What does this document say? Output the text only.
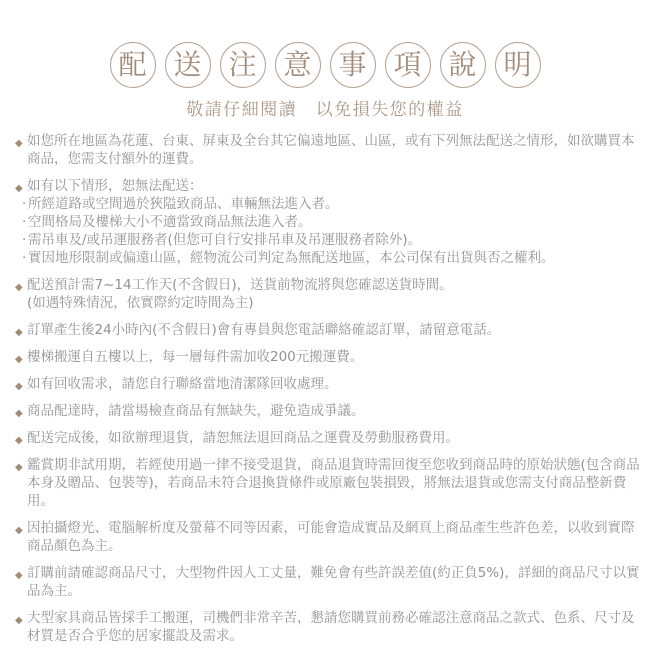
配 送 注 意 事 項 說 明
敬請仔細閱讀　以免損失您的權益
◆ 如您所在地區為花蓮、台東、屏東及全台其它偏遠地區、山區，或有下列無法配送之情形，如欲購買本商品，您需支付額外的運費。
◆ 如有以下情形，恕無法配送：
· 所經道路或空間過於狹隘致商品、車輛無法進入者。
· 空間格局及樓梯大小不適當致商品無法進入者。
· 需吊車及/或吊運服務者(但您可自行安排吊車及吊運服務者除外)。
· 實因地形限制或偏遠山區，經物流公司判定為無配送地區，本公司保有出貨與否之權利。
◆ 配送預計需7~14工作天(不含假日)，送貨前物流將與您確認送貨時間。
(如遇特殊情況，依實際約定時間為主)
◆ 訂單產生後24小時內(不含假日)會有專員與您電話聯絡確認訂單，請留意電話。
◆ 樓梯搬運自五樓以上，每一層每件需加收200元搬運費。
◆ 如有回收需求，請您自行聯絡當地清潔隊回收處理。
◆ 商品配達時，請當場檢查商品有無缺失，避免造成爭議。
◆ 配送完成後，如欲辦理退貨，請恕無法退回商品之運費及勞動服務費用。
◆ 鑑賞期非試用期，若經使用過一律不接受退貨，商品退貨時需回復至您收到商品時的原始狀態(包含商品本身及贈品、包裝等)，若商品未符合退換貨條件或原廠包裝損毀，將無法退貨或您需支付商品整新費用。
◆ 因拍攝燈光、電腦解析度及螢幕不同等因素，可能會造成實品及網頁上商品產生些許色差，以收到實際商品顏色為主。
◆ 訂購前請確認商品尺寸，大型物件因人工丈量，難免會有些許誤差值(約正負5%)，詳細的商品尺寸以實品為主。
◆ 大型家具商品皆採手工搬運，司機們非常辛苦，懇請您購買前務必確認注意商品之款式、色系、尺寸及材質是否合乎您的居家擺設及需求。
